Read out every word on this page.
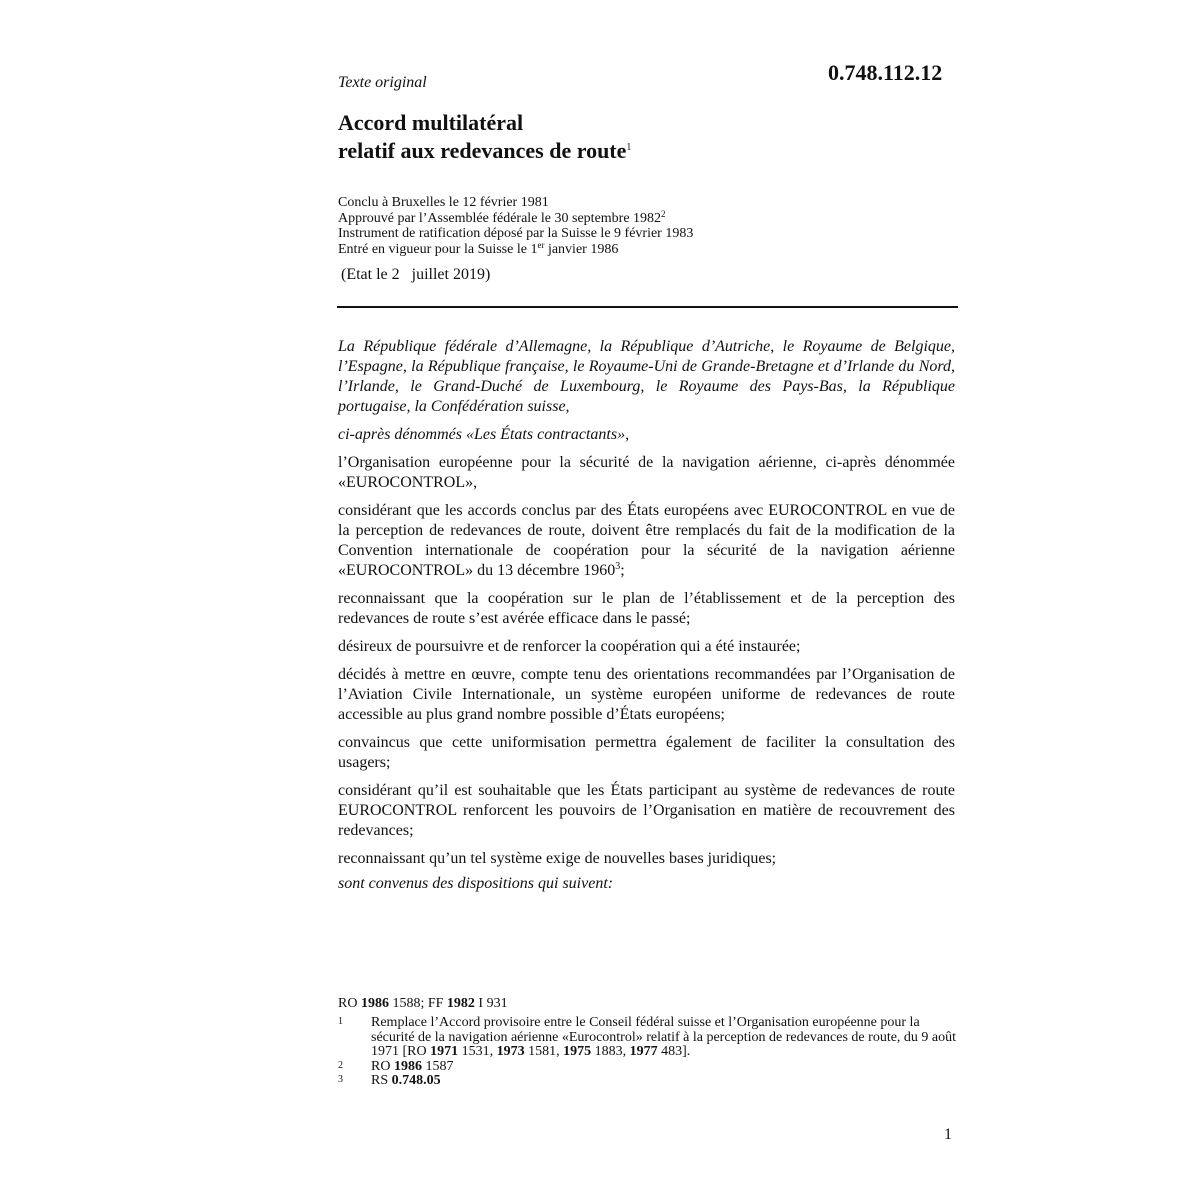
Texte original	0.748.112.12
Accord multilatéral
relatif aux redevances de route$^1$
Conclu à Bruxelles le 12 février 1981
Approuvé par l’Assemblée fédérale le 30 septembre 1982$^2$
Instrument de ratification déposé par la Suisse le 9 février 1983
Entré en vigueur pour la Suisse le 1er janvier 1986
(Etat le 2   juillet 2019)

La République fédérale d’Allemagne, la République d’Autriche, le Royaume de Belgique, l’Espagne, la République française, le Royaume-Uni de Grande-Bretagne et d’Irlande du Nord, l’Irlande, le Grand-Duché de Luxembourg, le Royaume des Pays-Bas, la République portugaise, la Confédération suisse,

ci-après dénommés «Les États contractants»,

l’Organisation européenne pour la sécurité de la navigation aérienne, ci-après dénommée «EUROCONTROL»,

considérant que les accords conclus par des États européens avec EUROCONTROL en vue de la perception de redevances de route, doivent être remplacés du fait de la modification de la Convention internationale de coopération pour la sécurité de la navigation aérienne «EUROCONTROL» du 13 décembre 1960$^3$;

reconnaissant que la coopération sur le plan de l’établissement et de la perception des redevances de route s’est avérée efficace dans le passé;

désireux de poursuivre et de renforcer la coopération qui a été instaurée;

décidés à mettre en œuvre, compte tenu des orientations recommandées par l’Organisation de l’Aviation Civile Internationale, un système européen uniforme de redevances de route accessible au plus grand nombre possible d’États européens;

convaincus que cette uniformisation permettra également de faciliter la consultation des usagers;

considérant qu’il est souhaitable que les États participant au système de redevances de route EUROCONTROL renforcent les pouvoirs de l’Organisation en matière de recouvrement des redevances;

reconnaissant qu’un tel système exige de nouvelles bases juridiques;

sont convenus des dispositions qui suivent:

RO 1986 1588; FF 1982 I 931
1	Remplace l’Accord provisoire entre le Conseil fédéral suisse et l’Organisation européenne pour la sécurité de la navigation aérienne «Eurocontrol» relatif à la perception de redevances de route, du 9 août 1971 [RO 1971 1531, 1973 1581, 1975 1883, 1977 483].
2	RO 1986 1587
3	RS 0.748.05
1
